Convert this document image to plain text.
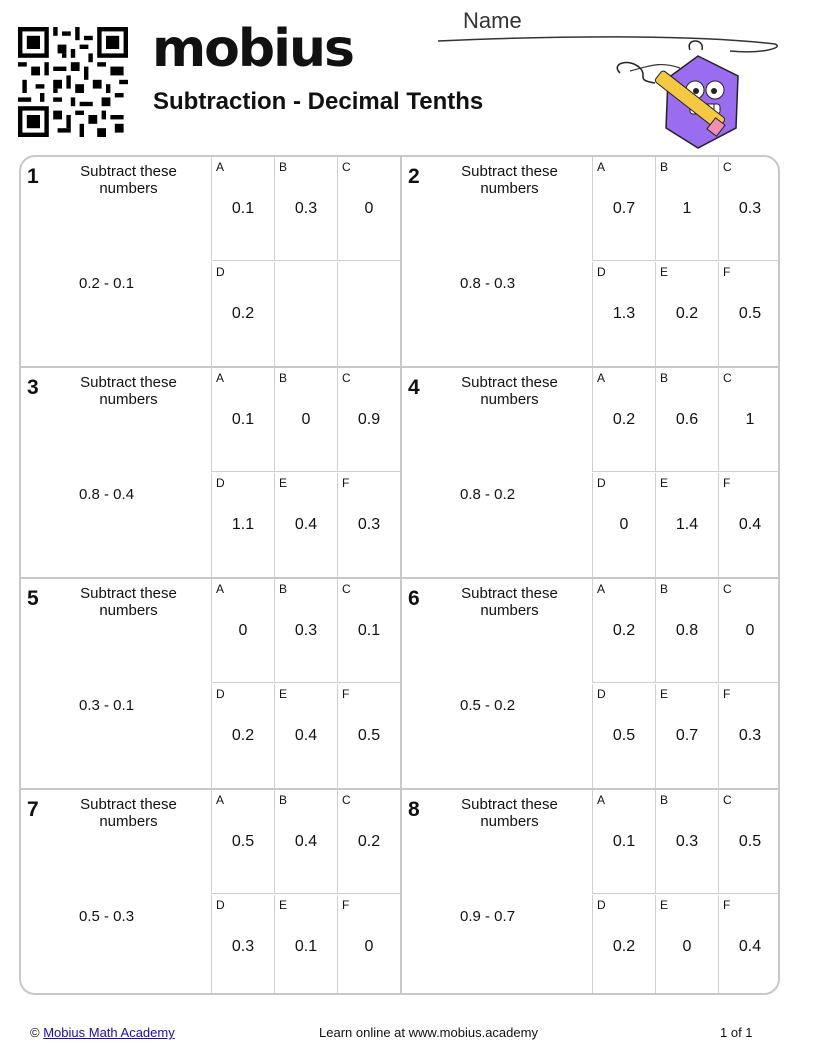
mobius
Subtraction - Decimal Tenths
Name
1	Subtract these numbers
0.2 - 0.1
A
0.1
B
0.3
C
0
D
0.2
2	Subtract these numbers
0.8 - 0.3
A
0.7
B
1
C
0.3
D
1.3
E
0.2
F
0.5
3	Subtract these numbers
0.8 - 0.4
A
0.1
B
0
C
0.9
D
1.1
E
0.4
F
0.3
4	Subtract these numbers
0.8 - 0.2
A
0.2
B
0.6
C
1
D
0
E
1.4
F
0.4
5	Subtract these numbers
0.3 - 0.1
A
0
B
0.3
C
0.1
D
0.2
E
0.4
F
0.5
6	Subtract these numbers
0.5 - 0.2
A
0.2
B
0.8
C
0
D
0.5
E
0.7
F
0.3
7	Subtract these numbers
0.5 - 0.3
A
0.5
B
0.4
C
0.2
D
0.3
E
0.1
F
0
8	Subtract these numbers
0.9 - 0.7
A
0.1
B
0.3
C
0.5
D
0.2
E
0
F
0.4
© Mobius Math Academy	Learn online at www.mobius.academy	1 of 1
